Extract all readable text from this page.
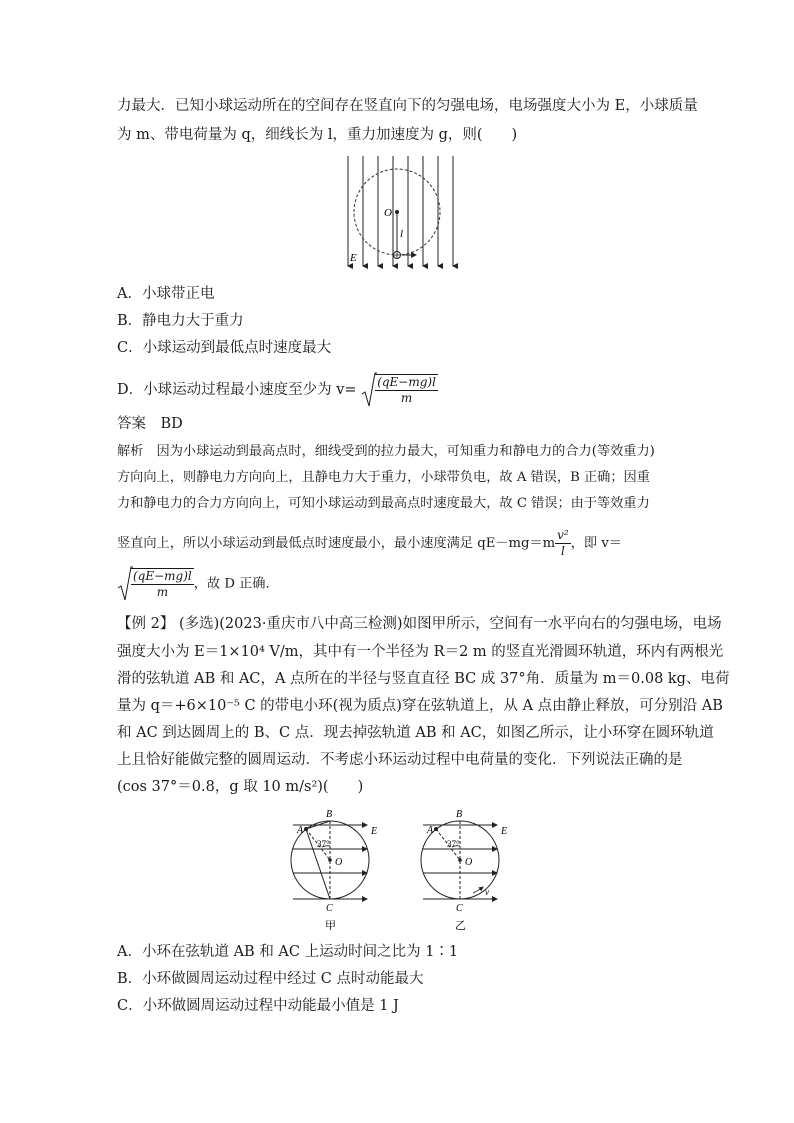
力最大．已知小球运动所在的空间存在竖直向下的匀强电场，电场强度大小为 E，小球质量
为 m、带电荷量为 q，细线长为 l，重力加速度为 g，则(　　)
O
l
E
A．小球带正电
B．静电力大于重力
C．小球运动到最低点时速度最大
D．小球运动过程最小速度至少为 $v= \frac{(qE-mg)l}{m}$
答案　 BD
解析　因为小球运动到最高点时，细线受到的拉力最大，可知重力和静电力的合力(等效重力)
方向向上，则静电力方向向上，且静电力大于重力，小球带负电，故 A 错误，B 正确；因重
力和静电力的合力方向向上，可知小球运动到最高点时速度最大，故 C 错误；由于等效重力
竖直向上，所以小球运动到最低点时速度最小，最小速度满足 $qE-mg=m \frac{\text{v²}}{l}$ ，即 v＝
$\frac{(qE-mg)l}{m}$ ，故 D 正确．
【例 2】 (多选)(2023·重庆市八中高三检测)如图甲所示，空间有一水平向右的匀强电场，电场
强度大小为 E＝1×10⁴ V/m，其中有一个半径为 R＝2 m 的竖直光滑圆环轨道，环内有两根光
滑的弦轨道 AB 和 AC，A 点所在的半径与竖直直径 BC 成 37°角．质量为 m＝0.08 kg、电荷
量为 q＝+6×10⁻⁵ C 的带电小环(视为质点)穿在弦轨道上，从 A 点由静止释放，可分别沿 AB
和 AC 到达圆周上的 B、C 点．现去掉弦轨道 AB 和 AC，如图乙所示，让小环穿在圆环轨道
上且恰好能做完整的圆周运动．不考虑小环运动过程中电荷量的变化．下列说法正确的是
(cos 37°＝0.8，g 取 10 m/s²)(　　)
B
A	E
37°
O
C
甲
B
A	E
37°
O
v
C
乙
A．小环在弦轨道 AB 和 AC 上运动时间之比为 1∶1
B．小环做圆周运动过程中经过 C 点时动能最大
C．小环做圆周运动过程中动能最小值是 1 J
